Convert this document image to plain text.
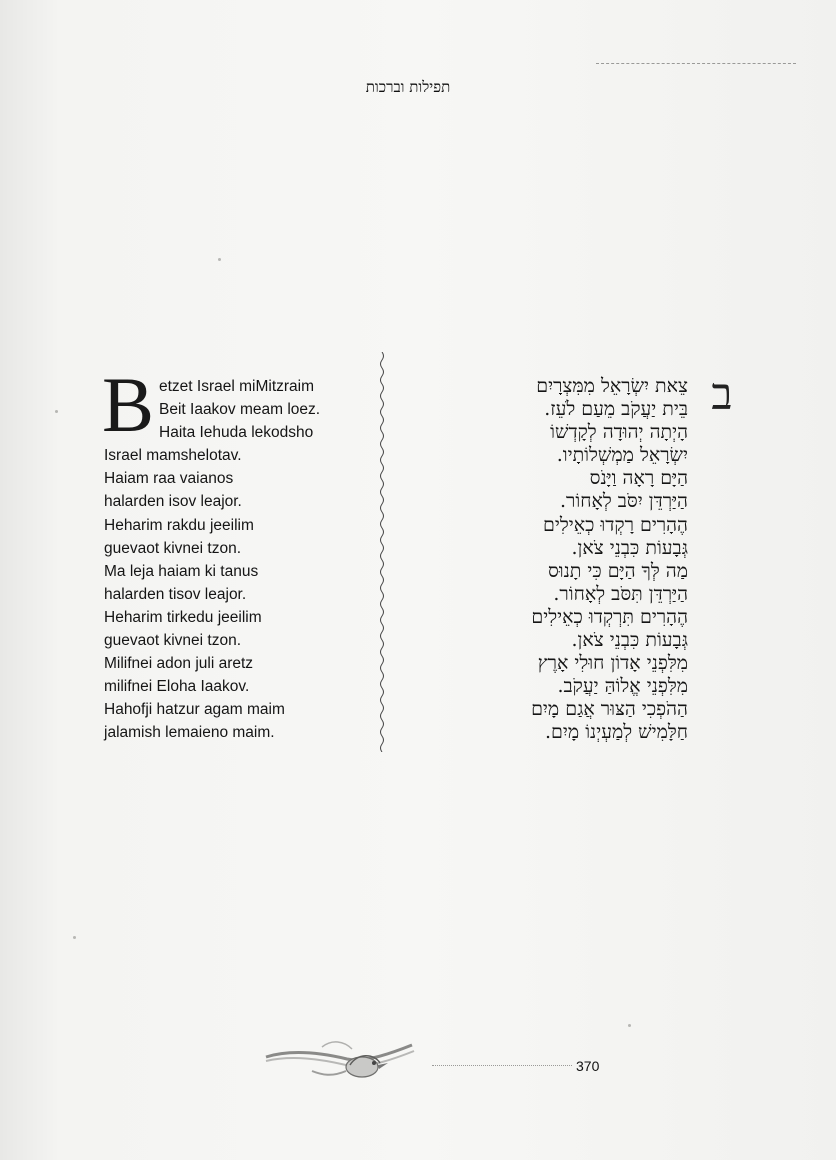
תפילות וברכות
B etzet Israel miMitzraim
Beit Iaakov meam loez.
Haita Iehuda lekodsho
Israel mamshelotav.
Haiam raa vaianos
halarden isov leajor.
Heharim rakdu jeeilim
guevaot kivnei tzon.
Ma leja haiam ki tanus
halarden tisov leajor.
Heharim tirkedu jeeilim
guevaot kivnei tzon.
Milifnei adon juli aretz
milifnei Eloha Iaakov.
Hahofji hatzur agam maim
jalamish lemaieno maim.
ב
צֵאת יִשְׂרָאֵל מִמִּצְרָיִם
בֵּית יַעֲקֹב מֵעַם לֹעֵז.
הָיְתָה יְהוּדָה לְקָדְשׁוֹ
יִשְׂרָאֵל מַמְשְׁלוֹתָיו.
הַיָּם רָאָה וַיָּנֹס
הַיַּרְדֵּן יִסֹּב לְאָחוֹר.
הֶהָרִים רָקְדוּ כְאֵילִים
גְּבָעוֹת כִּבְנֵי צֹאן.
מַה לְּךָ הַיָּם כִּי תָנוּס
הַיַּרְדֵּן תִּסֹּב לְאָחוֹר.
הֶהָרִים תִּרְקְדוּ כְאֵילִים
גְּבָעוֹת כִּבְנֵי צֹאן.
מִלִּפְנֵי אָדוֹן חוּלִי אָרֶץ
מִלִּפְנֵי אֱלוֹהַּ יַעֲקֹב.
הַהֹפְכִי הַצּוּר אֲגַם מָיִם
חַלָּמִישׁ לְמַעְיְנוֹ מָיִם.
370
